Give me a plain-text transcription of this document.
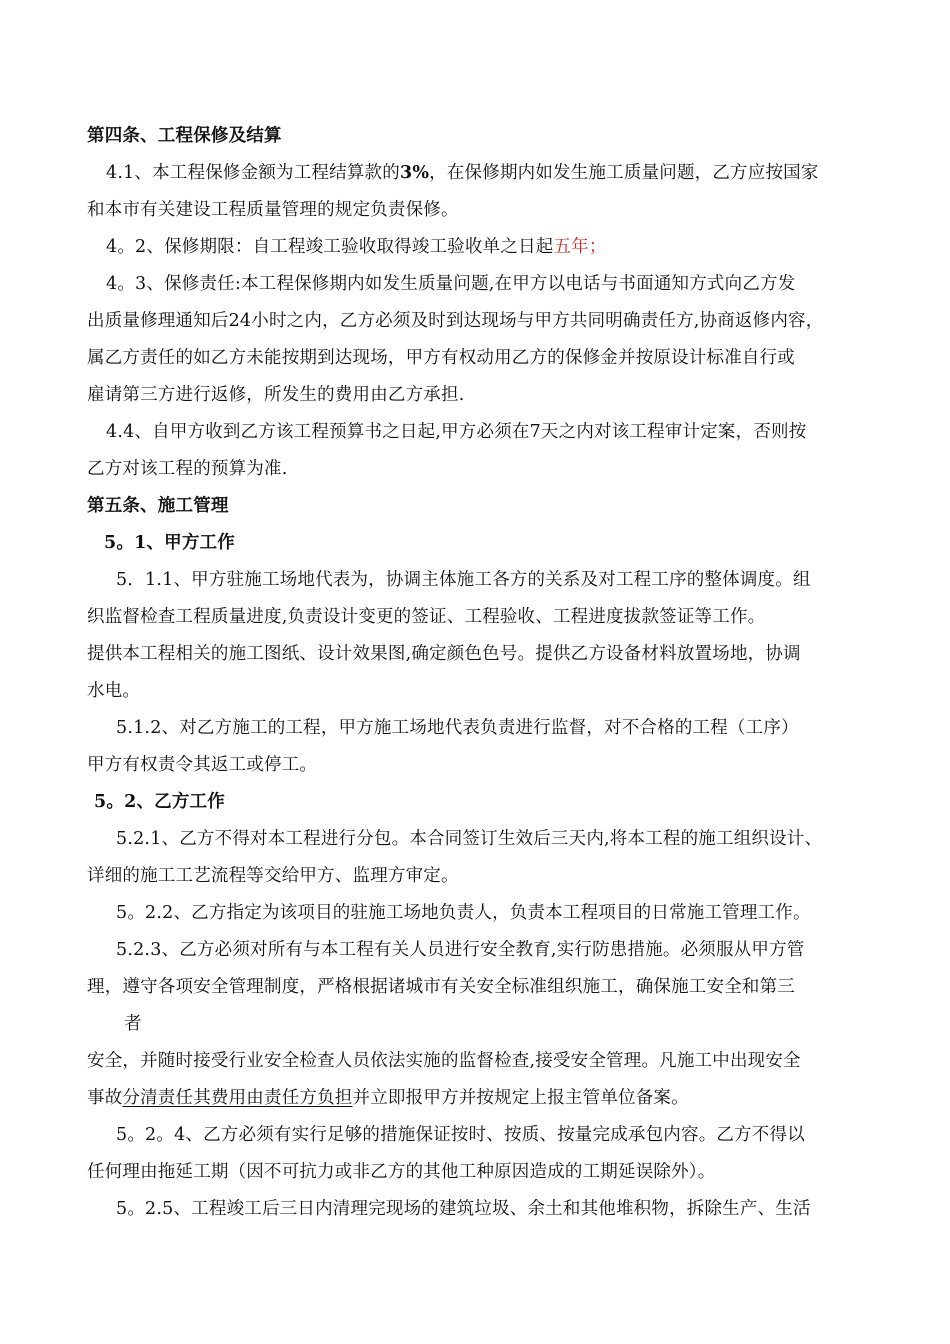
第四条、工程保修及结算
4.1、本工程保修金额为工程结算款的3%，在保修期内如发生施工质量问题，乙方应按国家
和本市有关建设工程质量管理的规定负责保修。
4。2、保修期限：自工程竣工验收取得竣工验收单之日起五年；
4。3、保修责任:本工程保修期内如发生质量问题,在甲方以电话与书面通知方式向乙方发
出质量修理通知后24小时之内，乙方必须及时到达现场与甲方共同明确责任方,协商返修内容，
属乙方责任的如乙方未能按期到达现场，甲方有权动用乙方的保修金并按原设计标准自行或
雇请第三方进行返修，所发生的费用由乙方承担.
4.4、自甲方收到乙方该工程预算书之日起,甲方必须在7天之内对该工程审计定案，否则按
乙方对该工程的预算为准.
第五条、施工管理
5。1、甲方工作
5．1.1、甲方驻施工场地代表为，协调主体施工各方的关系及对工程工序的整体调度。组
织监督检查工程质量进度,负责设计变更的签证、工程验收、工程进度拔款签证等工作。
提供本工程相关的施工图纸、设计效果图,确定颜色色号。提供乙方设备材料放置场地，协调
水电。
5.1.2、对乙方施工的工程，甲方施工场地代表负责进行监督，对不合格的工程（工序）
甲方有权责令其返工或停工。
5。2、乙方工作
5.2.1、乙方不得对本工程进行分包。本合同签订生效后三天内,将本工程的施工组织设计、
详细的施工工艺流程等交给甲方、监理方审定。
5。2.2、乙方指定为该项目的驻施工场地负责人，负责本工程项目的日常施工管理工作。
5.2.3、乙方必须对所有与本工程有关人员进行安全教育,实行防患措施。必须服从甲方管
理，遵守各项安全管理制度，严格根据诸城市有关安全标准组织施工，确保施工安全和第三
者
安全，并随时接受行业安全检查人员依法实施的监督检查,接受安全管理。凡施工中出现安全
事故分清责任其费用由责任方负担并立即报甲方并按规定上报主管单位备案。
5。2。4、乙方必须有实行足够的措施保证按时、按质、按量完成承包内容。乙方不得以
任何理由拖延工期（因不可抗力或非乙方的其他工种原因造成的工期延误除外）。
5。2.5、工程竣工后三日内清理完现场的建筑垃圾、余土和其他堆积物，拆除生产、生活
